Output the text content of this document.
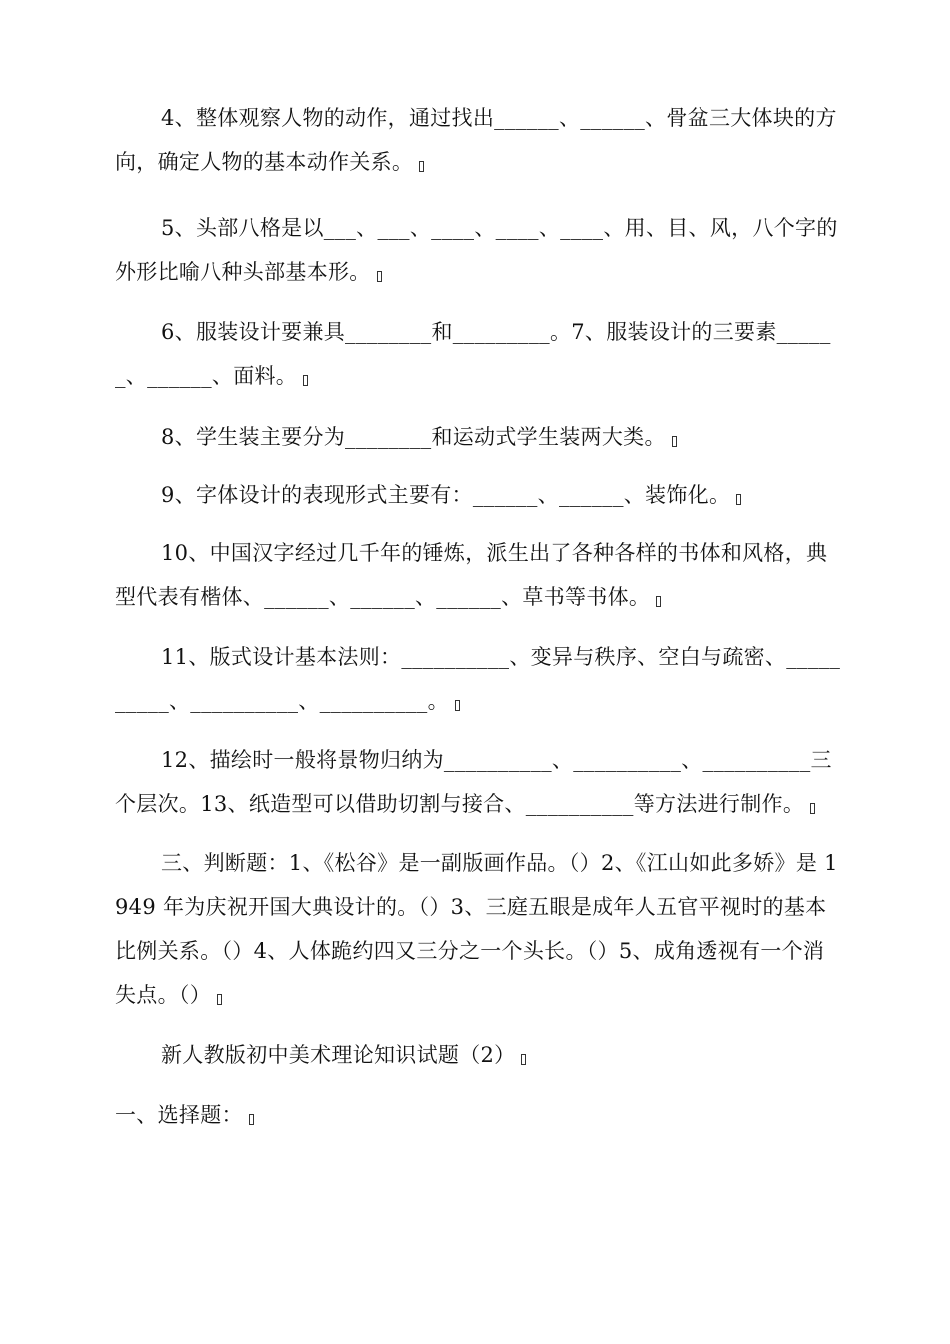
4、整体观察人物的动作，通过找出______、______、骨盆三大体块的方向，确定人物的基本动作关系。

5、头部八格是以___、___、____、____、____、用、目、风，八个字的外形比喻八种头部基本形。

6、服装设计要兼具________和_________。7、服装设计的三要素______、______、面料。

8、学生装主要分为________和运动式学生装两大类。

9、字体设计的表现形式主要有：______、______、装饰化。

10、中国汉字经过几千年的锤炼，派生出了各种各样的书体和风格，典型代表有楷体、______、______、______、草书等书体。

11、版式设计基本法则：__________、变异与秩序、空白与疏密、__________、__________、__________。

12、描绘时一般将景物归纳为__________、__________、__________三个层次。13、纸造型可以借助切割与接合、__________等方法进行制作。

三、判断题：1、《松谷》是一副版画作品。（）2、《江山如此多娇》是 1949 年为庆祝开国大典设计的。（）3、三庭五眼是成年人五官平视时的基本比例关系。（）4、人体跪约四又三分之一个头长。（）5、成角透视有一个消失点。（）

新人教版初中美术理论知识试题（2）

一、选择题：
